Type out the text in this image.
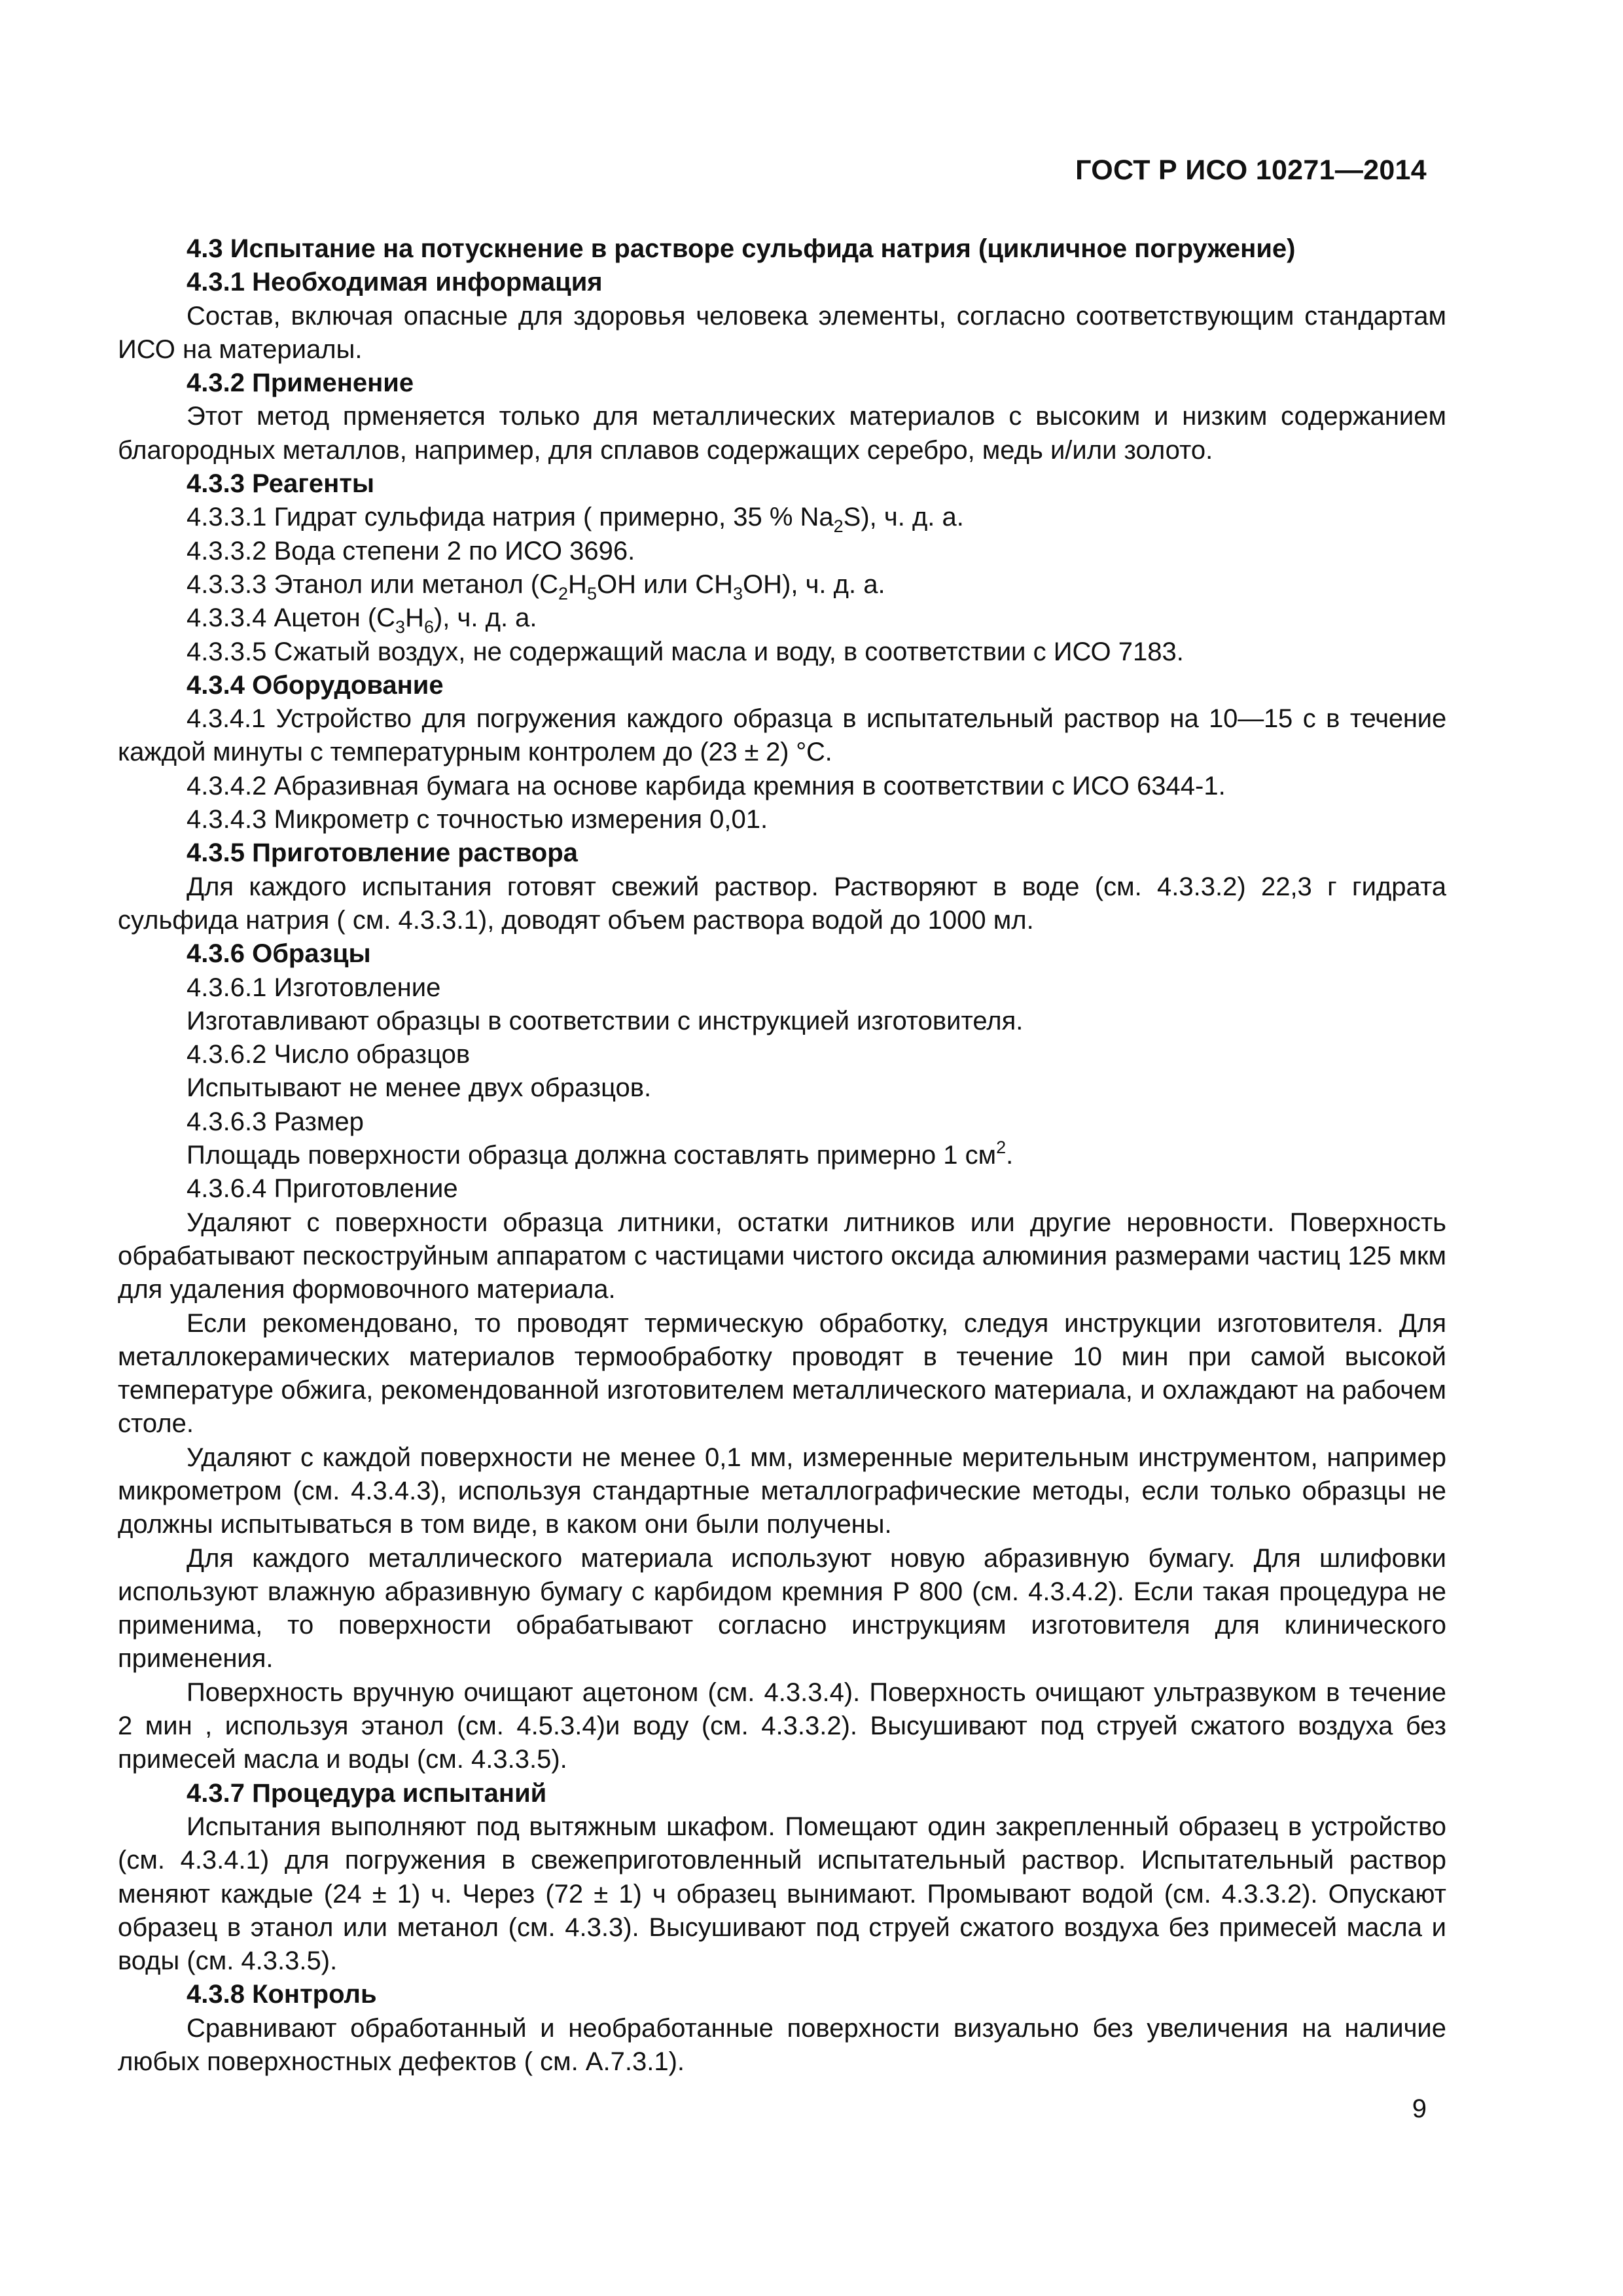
ГОСТ Р ИСО 10271—2014

4.3 Испытание на потускнение в растворе сульфида натрия (цикличное погружение)

4.3.1 Необходимая информация

Состав, включая опасные для здоровья человека элементы, согласно соответствующим стандартам ИСО на материалы.

4.3.2 Применение

Этот метод прменяется только для металлических материалов с высоким и низким содержанием благородных металлов, например, для сплавов содержащих серебро, медь и/или золото.

4.3.3 Реагенты

4.3.3.1 Гидрат сульфида натрия ( примерно, 35 % $Na_2S$), ч. д. а.

4.3.3.2 Вода степени 2 по ИСО 3696.

4.3.3.3 Этанол или метанол ($C_2H_5OH$ или $CH_3OH$), ч. д. а.

4.3.3.4 Ацетон $(C_3H_6)$, ч. д. а.

4.3.3.5 Сжатый воздух, не содержащий масла и воду, в соответствии с ИСО 7183.

4.3.4 Оборудование

4.3.4.1 Устройство для погружения каждого образца в испытательный раствор на 10—15 с в течение каждой минуты с температурным контролем до (23 ± 2) °С.

4.3.4.2 Абразивная бумага на основе карбида кремния в соответствии с ИСО 6344-1.

4.3.4.3 Микрометр с точностью измерения 0,01.

4.3.5 Приготовление раствора

Для каждого испытания готовят свежий раствор. Растворяют в воде (см. 4.3.3.2) 22,3 г гидрата сульфида натрия ( см. 4.3.3.1), доводят объем раствора водой до 1000 мл.

4.3.6 Образцы

4.3.6.1 Изготовление

Изготавливают образцы в соответствии с инструкцией изготовителя.

4.3.6.2 Число образцов

Испытывают не менее двух образцов.

4.3.6.3 Размер

Площадь поверхности образца должна составлять примерно 1 $см^2$.

4.3.6.4 Приготовление

Удаляют с поверхности образца литники, остатки литников или другие неровности. Поверхность обрабатывают пескоструйным аппаратом с частицами чистого оксида алюминия размерами частиц 125 мкм для удаления формовочного материала.

Если рекомендовано, то проводят термическую обработку, следуя инструкции изготовителя. Для металлокерамических материалов термообработку проводят в течение 10 мин при самой высокой температуре обжига, рекомендованной изготовителем металлического материала, и охлаждают на рабочем столе.

Удаляют с каждой поверхности не менее 0,1 мм, измеренные мерительным инструментом, например микрометром (см. 4.3.4.3), используя стандартные металлографические методы, если только образцы не должны испытываться в том виде, в каком они были получены.

Для каждого металлического материала используют новую абразивную бумагу. Для шлифовки используют влажную абразивную бумагу с карбидом кремния Р 800 (см. 4.3.4.2). Если такая процедура не применима, то поверхности обрабатывают согласно инструкциям изготовителя для клинического применения.

Поверхность вручную очищают ацетоном (см. 4.3.3.4). Поверхность очищают ультразвуком в течение 2 мин , используя этанол (см. 4.5.3.4)и воду (см. 4.3.3.2). Высушивают под струей сжатого воздуха без примесей масла и воды (см. 4.3.3.5).

4.3.7 Процедура испытаний

Испытания выполняют под вытяжным шкафом. Помещают один закрепленный образец в устройство (см. 4.3.4.1) для погружения в свежеприготовленный испытательный раствор. Испытательный раствор меняют каждые (24 ± 1) ч. Через (72 ± 1) ч образец вынимают. Промывают водой (см. 4.3.3.2). Опускают образец в этанол или метанол (см. 4.3.3). Высушивают под струей сжатого воздуха без примесей масла и воды (см. 4.3.3.5).

4.3.8 Контроль

Сравнивают обработанный и необработанные поверхности визуально без увеличения на наличие любых поверхностных дефектов ( см. А.7.3.1).

9
